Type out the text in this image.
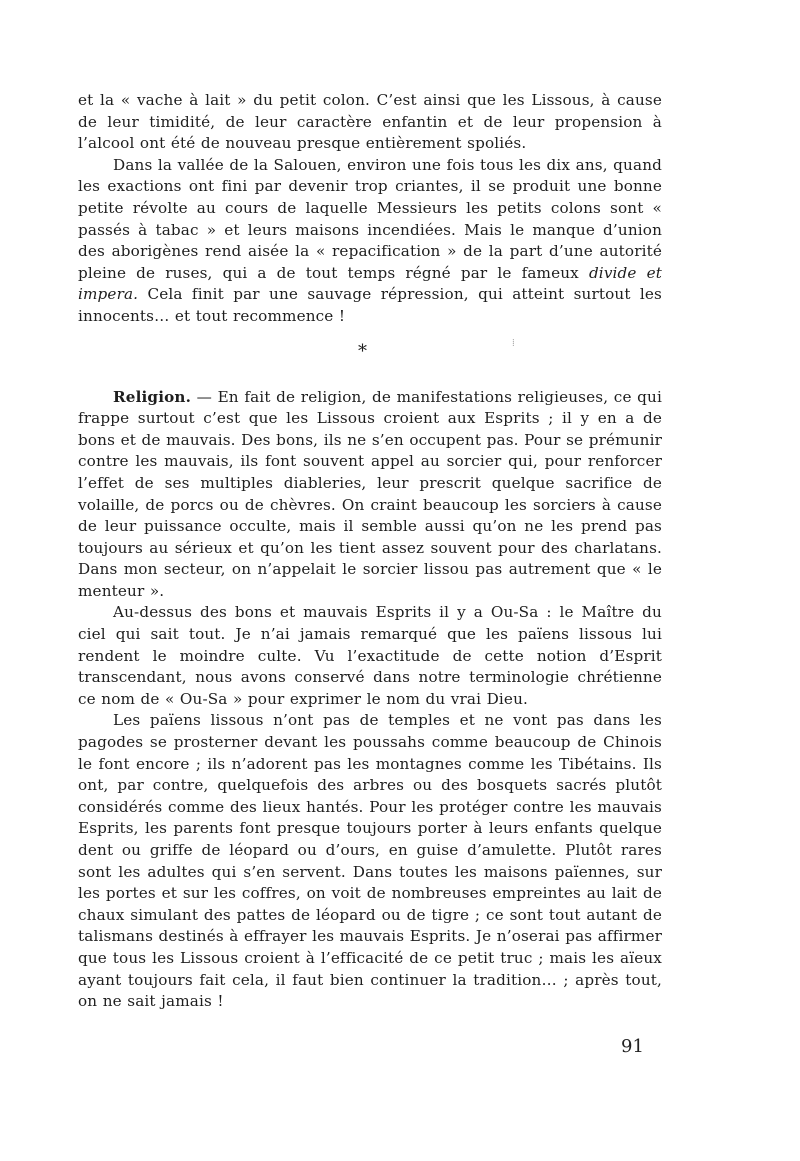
et la « vache à lait » du petit colon. C’est ainsi que les Lissous, à cause de leur timidité, de leur caractère enfantin et de leur propension à l’alcool ont été de nouveau presque entièrement spoliés.

Dans la vallée de la Salouen, environ une fois tous les dix ans, quand les exactions ont fini par devenir trop criantes, il se produit une bonne petite révolte au cours de laquelle Messieurs les petits colons sont « passés à tabac » et leurs maisons incendiées. Mais le manque d’union des aborigènes rend aisée la « repacification » de la part d’une autorité pleine de ruses, qui a de tout temps régné par le fameux divide et impera. Cela finit par une sauvage répression, qui atteint surtout les innocents… et tout recommence !

*	⁞

Religion. — En fait de religion, de manifestations religieuses, ce qui frappe surtout c’est que les Lissous croient aux Esprits ; il y en a de bons et de mauvais. Des bons, ils ne s’en occupent pas. Pour se prémunir contre les mauvais, ils font souvent appel au sorcier qui, pour renforcer l’effet de ses multiples diableries, leur prescrit quelque sacrifice de volaille, de porcs ou de chèvres. On craint beaucoup les sorciers à cause de leur puissance occulte, mais il semble aussi qu’on ne les prend pas toujours au sérieux et qu’on les tient assez souvent pour des charlatans. Dans mon secteur, on n’appelait le sorcier lissou pas autrement que « le menteur ».

Au-dessus des bons et mauvais Esprits il y a Ou-Sa : le Maître du ciel qui sait tout. Je n’ai jamais remarqué que les païens lissous lui rendent le moindre culte. Vu l’exactitude de cette notion d’Esprit transcendant, nous avons conservé dans notre terminologie chrétienne ce nom de « Ou-Sa » pour exprimer le nom du vrai Dieu.

Les païens lissous n’ont pas de temples et ne vont pas dans les pagodes se prosterner devant les poussahs comme beaucoup de Chinois le font encore ; ils n’adorent pas les montagnes comme les Tibétains. Ils ont, par contre, quelquefois des arbres ou des bosquets sacrés plutôt considérés comme des lieux hantés. Pour les protéger contre les mauvais Esprits, les parents font presque toujours porter à leurs enfants quelque dent ou griffe de léopard ou d’ours, en guise d’amulette. Plutôt rares sont les adultes qui s’en servent. Dans toutes les maisons païennes, sur les portes et sur les coffres, on voit de nombreuses empreintes au lait de chaux simulant des pattes de léopard ou de tigre ; ce sont tout autant de talismans destinés à effrayer les mauvais Esprits. Je n’oserai pas affirmer que tous les Lissous croient à l’efficacité de ce petit truc ; mais les aïeux ayant toujours fait cela, il faut bien continuer la tradition… ; après tout, on ne sait jamais !

91
